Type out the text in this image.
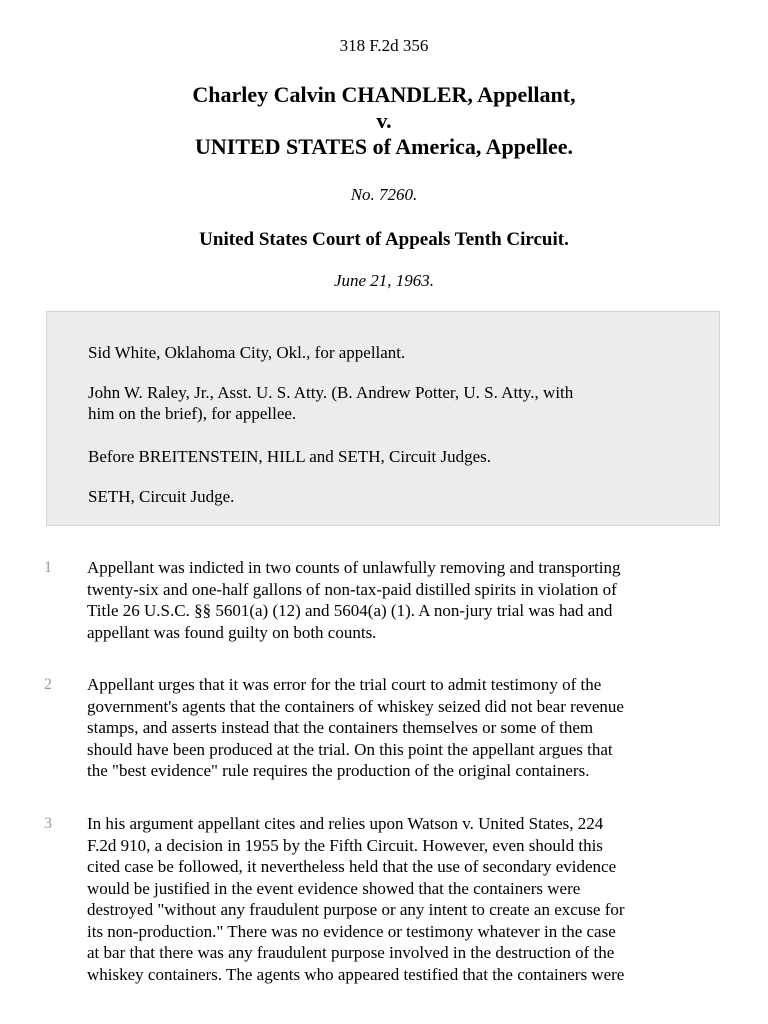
318 F.2d 356
Charley Calvin CHANDLER, Appellant,
v.
UNITED STATES of America, Appellee.
No. 7260.
United States Court of Appeals Tenth Circuit.
June 21, 1963.

Sid White, Oklahoma City, Okl., for appellant.

John W. Raley, Jr., Asst. U. S. Atty. (B. Andrew Potter, U. S. Atty., with
him on the brief), for appellee.

Before BREITENSTEIN, HILL and SETH, Circuit Judges.

SETH, Circuit Judge.

1 Appellant was indicted in two counts of unlawfully removing and transporting
twenty-six and one-half gallons of non-tax-paid distilled spirits in violation of
Title 26 U.S.C. §§ 5601(a) (12) and 5604(a) (1). A non-jury trial was had and
appellant was found guilty on both counts.

2 Appellant urges that it was error for the trial court to admit testimony of the
government's agents that the containers of whiskey seized did not bear revenue
stamps, and asserts instead that the containers themselves or some of them
should have been produced at the trial. On this point the appellant argues that
the "best evidence" rule requires the production of the original containers.

3 In his argument appellant cites and relies upon Watson v. United States, 224
F.2d 910, a decision in 1955 by the Fifth Circuit. However, even should this
cited case be followed, it nevertheless held that the use of secondary evidence
would be justified in the event evidence showed that the containers were
destroyed "without any fraudulent purpose or any intent to create an excuse for
its non-production." There was no evidence or testimony whatever in the case
at bar that there was any fraudulent purpose involved in the destruction of the
whiskey containers. The agents who appeared testified that the containers were
